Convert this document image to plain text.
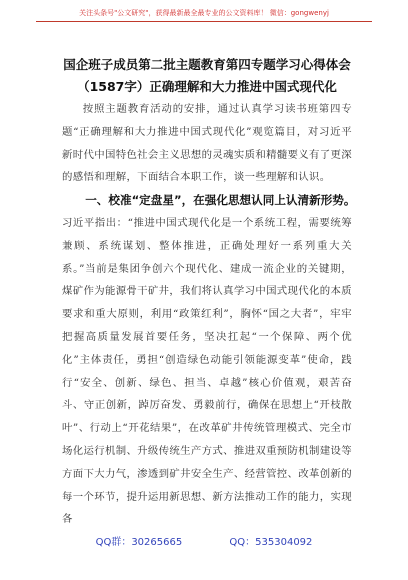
关注头条号"公文研究"，获得最新最全最专业的公文资料库！ 微信：gongwenyj

国企班子成员第二批主题教育第四专题学习心得体会

（1587字）正确理解和大力推进中国式现代化

按照主题教育活动的安排，通过认真学习读书班第四专题“正确理解和大力推进中国式现代化”观览篇目，对习近平新时代中国特色社会主义思想的灵魂实质和精髓要义有了更深的感悟和理解，下面结合本职工作，谈一些理解和认识。

一、校准“定盘星”，在强化思想认同上认清新形势。

习近平指出：“推进中国式现代化是一个系统工程，需要统筹兼顾、系统谋划、整体推进，正确处理好一系列重大关系。”当前是集团争创六个现代化、建成一流企业的关键期，煤矿作为能源骨干矿井，我们将认真学习中国式现代化的本质要求和重大原则，利用“政策红利”，胸怀“国之大者”，牢牢把握高质量发展首要任务，坚决扛起“一个保障、两个优化”主体责任，勇担“创造绿色动能引领能源变革”使命，践行“安全、创新、绿色、担当、卓越”核心价值观，艰苦奋斗、守正创新，踔厉奋发、勇毅前行，确保在思想上“开枝散叶”、行动上“开花结果”，在改革矿井传统管理模式、完全市场化运行机制、升级传统生产方式、推进双重预防机制建设等方面下大力气，渗透到矿井安全生产、经营管控、改革创新的每一个环节，提升运用新思想、新方法推动工作的能力，实现各

QQ群：30265665	QQ：535304092
